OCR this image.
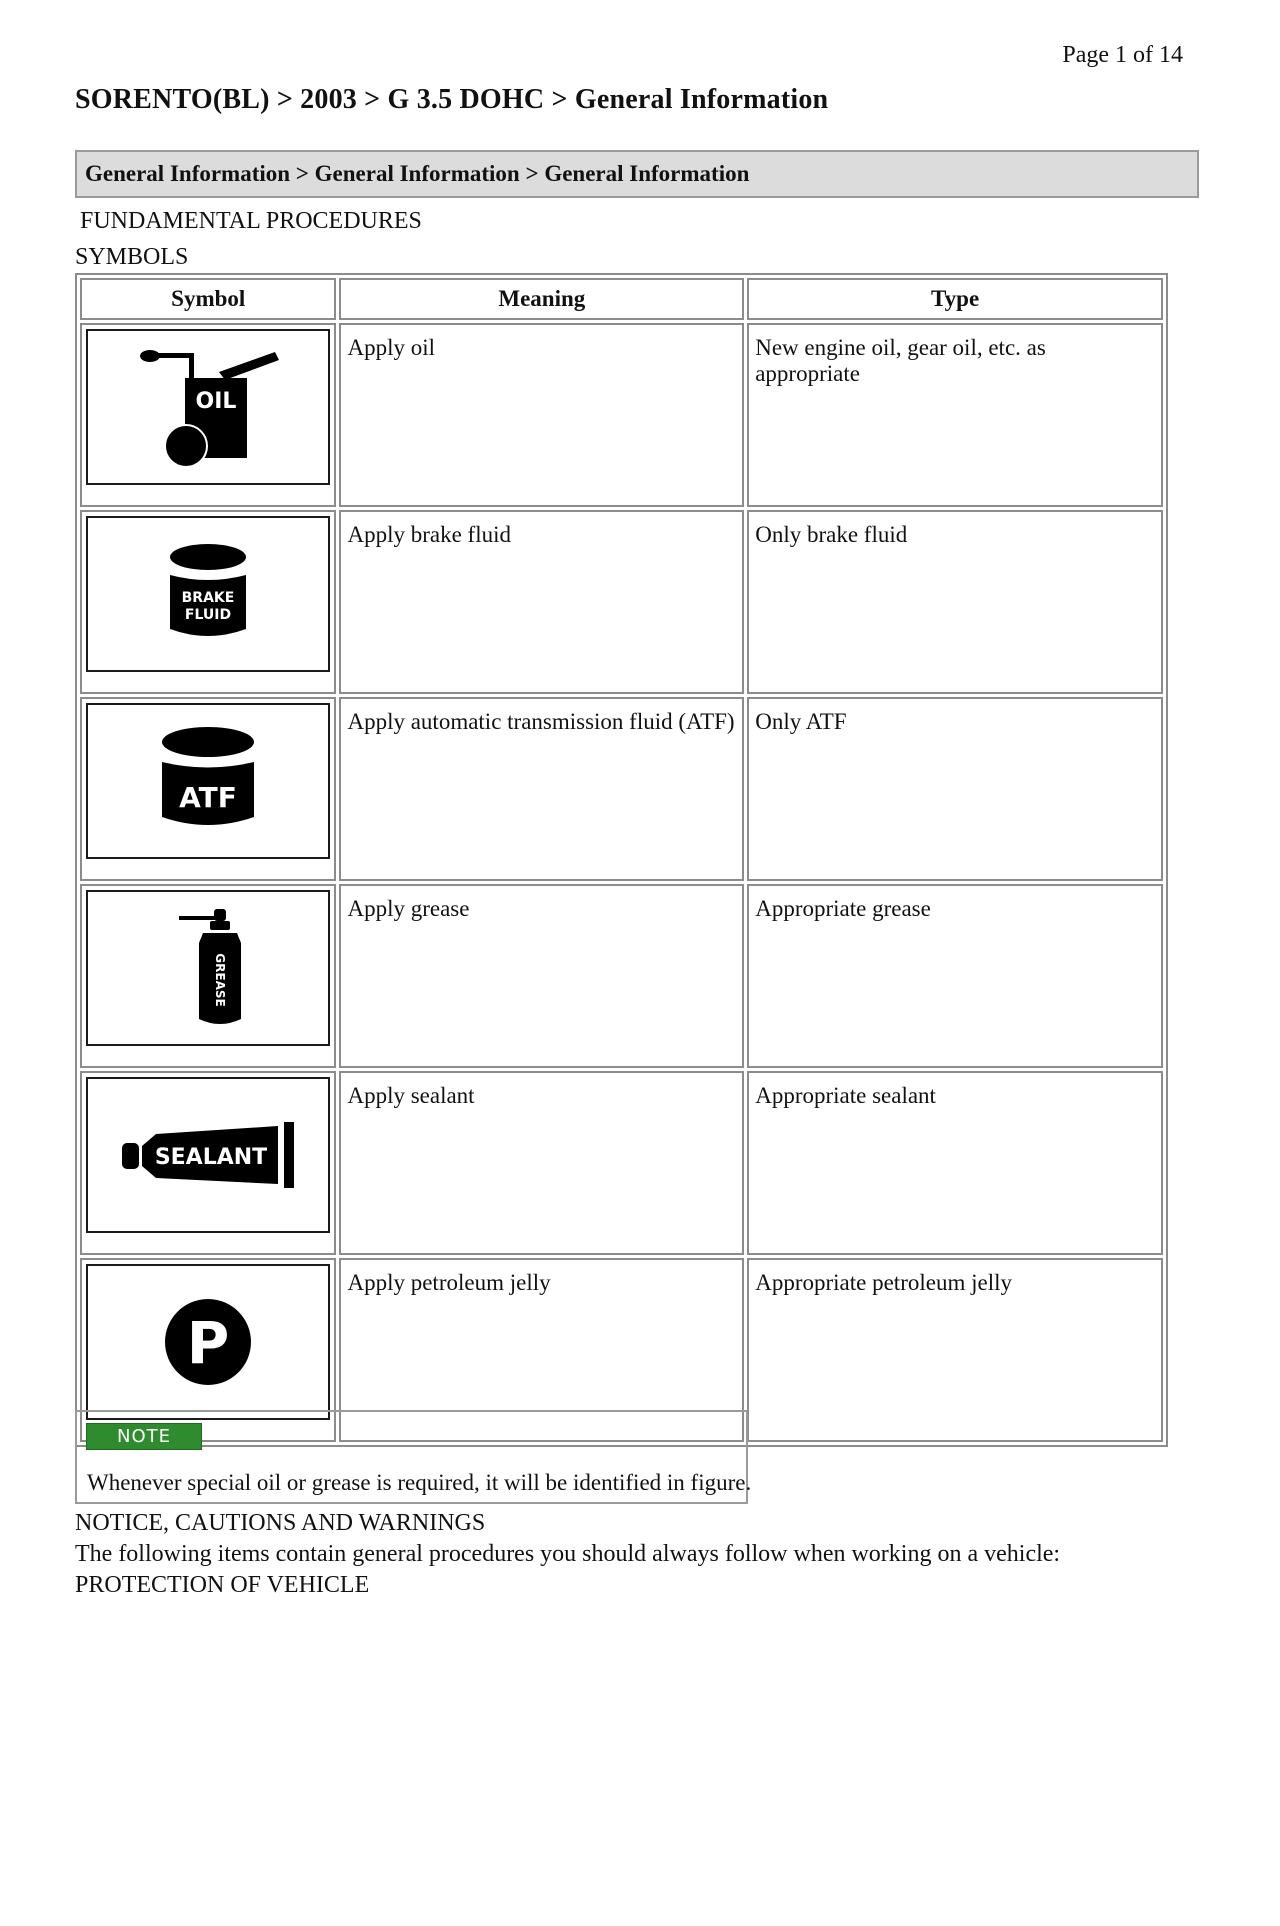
Page 1 of 14
SORENTO(BL) > 2003 > G 3.5 DOHC > General Information
General Information > General Information > General Information
FUNDAMENTAL PROCEDURES
SYMBOLS
Symbol	Meaning	Type

OIL	Apply oil	New engine oil, gear oil, etc. as appropriate

BRAKE
FLUID	Apply brake fluid	Only brake fluid

ATF	Apply automatic transmission fluid (ATF)	Only ATF

GREASE	Apply grease	Appropriate grease

SEALANT	Apply sealant	Appropriate sealant

P	Apply petroleum jelly	Appropriate petroleum jelly
NOTE
Whenever special oil or grease is required, it will be identified in figure.
NOTICE, CAUTIONS AND WARNINGS
The following items contain general procedures you should always follow when working on a vehicle:
PROTECTION OF VEHICLE
